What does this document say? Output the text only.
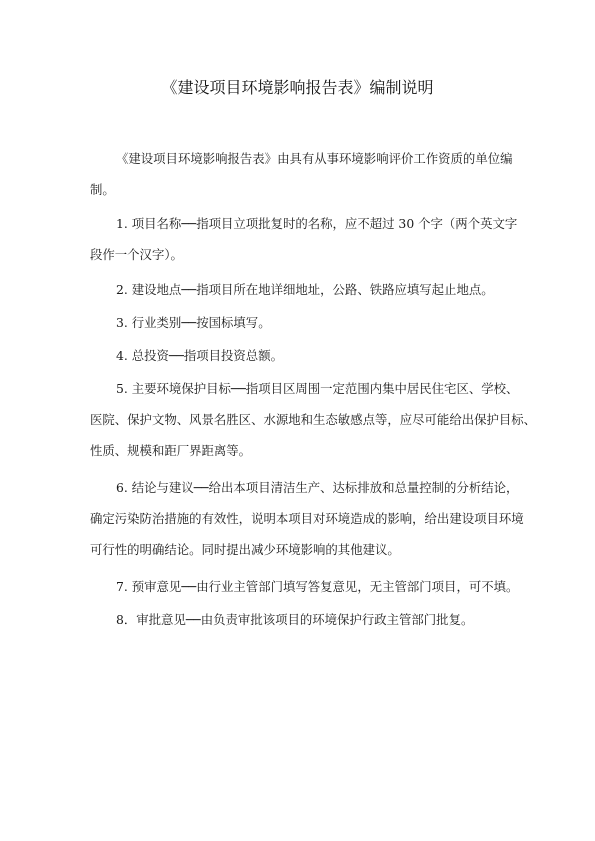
《建设项目环境影响报告表》编制说明
《建设项目环境影响报告表》由具有从事环境影响评价工作资质的单位编
制。
1. 项目名称──指项目立项批复时的名称，应不超过 30 个字（两个英文字
段作一个汉字）。
2. 建设地点──指项目所在地详细地址，公路、铁路应填写起止地点。
3. 行业类别──按国标填写。
4. 总投资──指项目投资总额。
5. 主要环境保护目标──指项目区周围一定范围内集中居民住宅区、学校、
医院、保护文物、风景名胜区、水源地和生态敏感点等，应尽可能给出保护目标、
性质、规模和距厂界距离等。
6. 结论与建议──给出本项目清洁生产、达标排放和总量控制的分析结论，
确定污染防治措施的有效性，说明本项目对环境造成的影响，给出建设项目环境
可行性的明确结论。同时提出减少环境影响的其他建议。
7. 预审意见──由行业主管部门填写答复意见，无主管部门项目，可不填。
8．审批意见──由负责审批该项目的环境保护行政主管部门批复。
